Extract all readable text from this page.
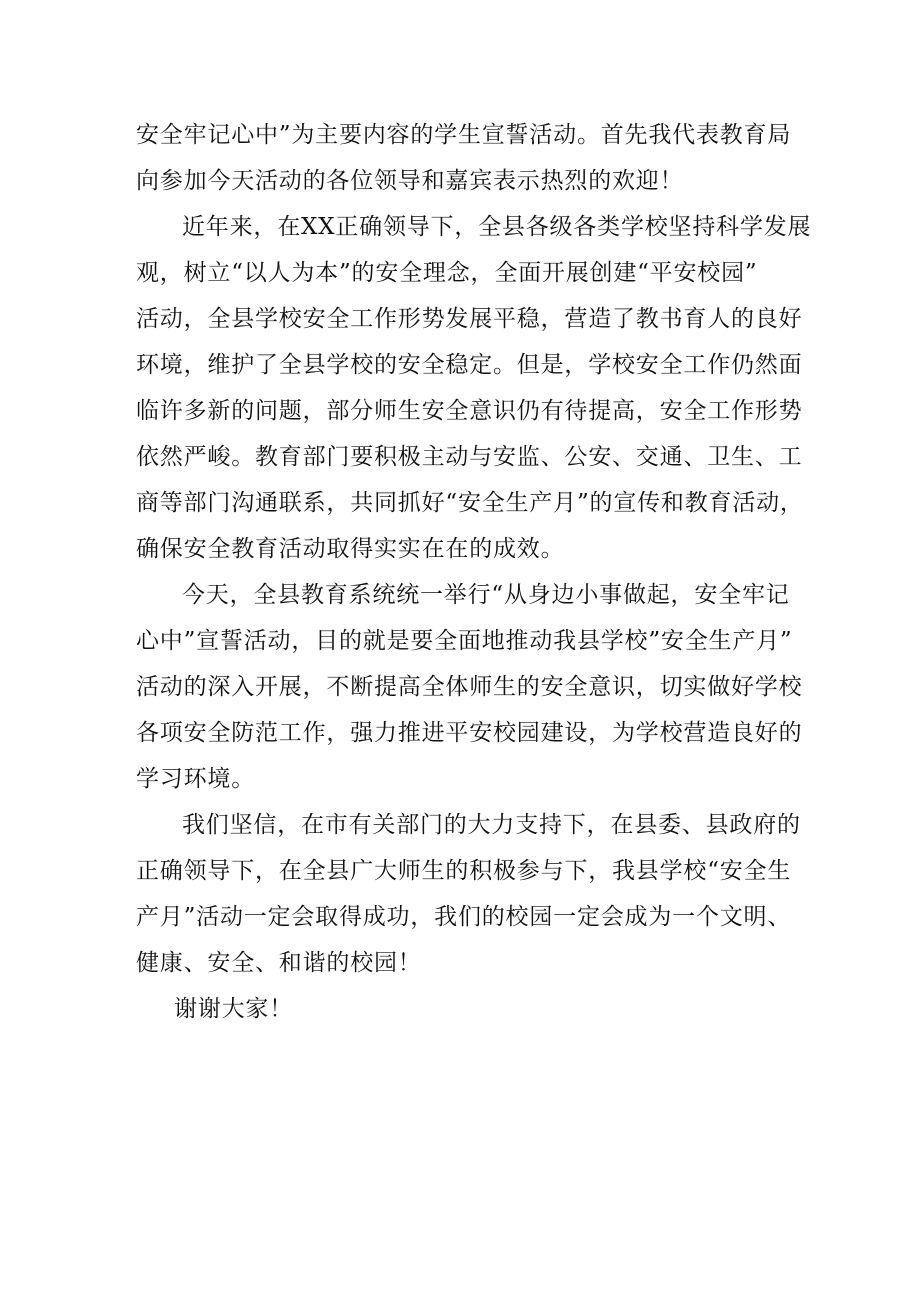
安全牢记心中”为主要内容的学生宣誓活动。首先我代表教育局
向参加今天活动的各位领导和嘉宾表示热烈的欢迎！
近年来，在XX正确领导下，全县各级各类学校坚持科学发展
观，树立“以人为本”的安全理念，全面开展创建“平安校园”
活动，全县学校安全工作形势发展平稳，营造了教书育人的良好
环境，维护了全县学校的安全稳定。但是，学校安全工作仍然面
临许多新的问题，部分师生安全意识仍有待提高，安全工作形势
依然严峻。教育部门要积极主动与安监、公安、交通、卫生、工
商等部门沟通联系，共同抓好“安全生产月”的宣传和教育活动，
确保安全教育活动取得实实在在的成效。
今天，全县教育系统统一举行“从身边小事做起，安全牢记
心中”宣誓活动，目的就是要全面地推动我县学校”安全生产月”
活动的深入开展，不断提高全体师生的安全意识，切实做好学校
各项安全防范工作，强力推进平安校园建设，为学校营造良好的
学习环境。
我们坚信，在市有关部门的大力支持下，在县委、县政府的
正确领导下，在全县广大师生的积极参与下，我县学校“安全生
产月”活动一定会取得成功，我们的校园一定会成为一个文明、
健康、安全、和谐的校园！
谢谢大家！
